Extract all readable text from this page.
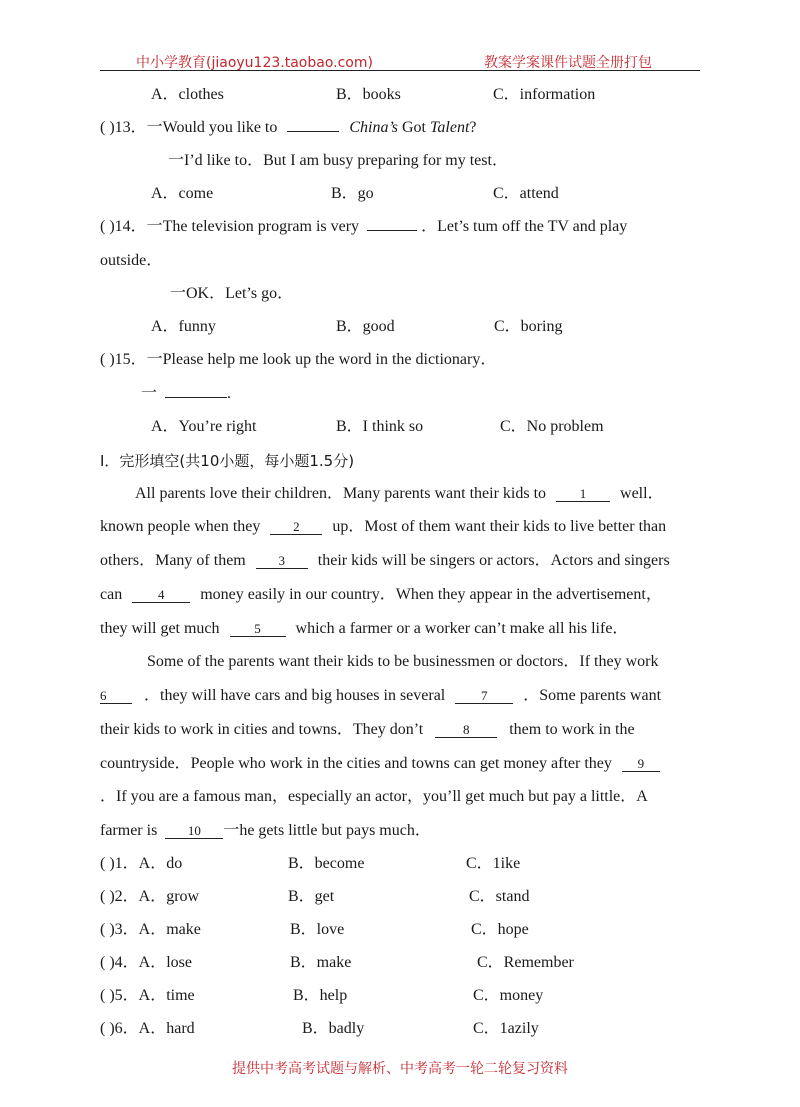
中小学教育(jiaoyu123.taobao.com)	教案学案课件试题全册打包
A．clothes	B．books	C．information
( )13．一Would you like to	China’s Got Talent?
一I’d like to．But I am busy preparing for my test．
A．come	B．go	C．attend
( )14．一The television program is very	．Let’s tum off the TV and play
outside．
一OK．Let’s go．
A．funny	B．good	C．boring
( )15．一Please help me look up the word in the dictionary．
一	.
A．You’re right	B．I think so	C．No problem
I．完形填空(共10小题，每小题1.5分)
All parents love their children．Many parents want their kids to	1 well．
known people when they	2 up．Most of them want their kids to live better than
others．Many of them	3 their kids will be singers or actors．Actors and singers
can	4 money easily in our country．When they appear in the advertisement，
they will get much	5 which a farmer or a worker can’t make all his life．
Some of the parents want their kids to be businessmen or doctors．If they work
6 ．they will have cars and big houses in several	7 ．Some parents want
their kids to work in cities and towns．They don’t	8 them to work in the
countryside．People who work in the cities and towns can get money after they 9
．If you are a famous man，especially an actor，you’ll get much but pay a little．A
farmer is 10 一he gets little but pays much．
( )1．A．do	B．become	C．1ike
( )2．A．grow	B．get	C．stand
( )3．A．make	B．love	C．hope
( )4．A．lose	B．make	C．Remember
( )5．A．time	B．help	C．money
( )6．A．hard	B．badly	C．1azily
提供中考高考试题与解析、中考高考一轮二轮复习资料
